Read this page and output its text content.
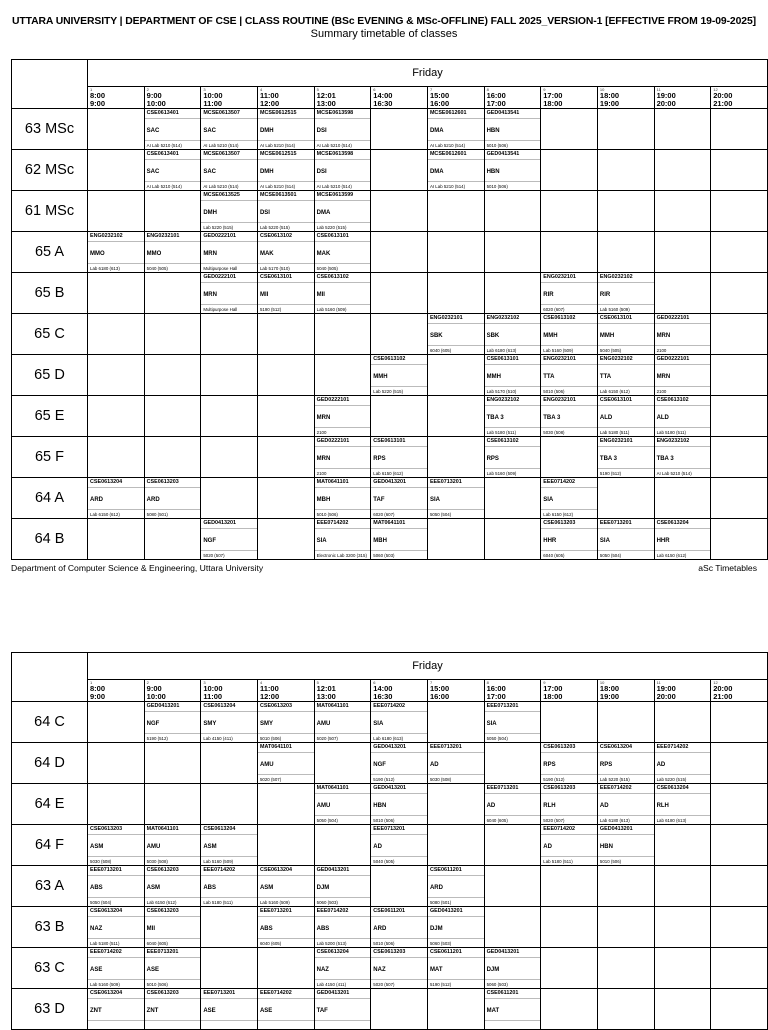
UTTARA UNIVERSITY | DEPARTMENT OF CSE | CLASS ROUTINE (BSc EVENING & MSc-OFFLINE) FALL 2025_VERSION-1 [EFFECTIVE FROM 19-09-2025]
Summary timetable of classes
	Friday											

	1
8:00
9:00	2
9:00
10:00	3
10:00
11:00	4
11:00
12:00	5
12:01
13:00	6
14:00
16:30	7
15:00
16:00	8
16:00
17:00	9
17:00
18:00	10
18:00
19:00	11
19:00
20:00	12
20:00
21:00

63 MSc		CSE0613401
SAC
AI Lab 5210 (514)	MCSE0613507
SAC
AI Lab 5210 (514)	MCSE0612515
DMH
AI Lab 5210 (514)	MCSE0613598
DSI
AI Lab 5210 (514)		MCSE0612601
DMA
AI Lab 5210 (514)	GED0413541
HBN
5010 (506)				

62 MSc		CSE0613401
SAC
AI Lab 5210 (514)	MCSE0613507
SAC
AI Lab 5210 (514)	MCSE0612515
DMH
AI Lab 5210 (514)	MCSE0613598
DSI
AI Lab 5210 (514)		MCSE0612601
DMA
AI Lab 5210 (514)	GED0413541
HBN
5010 (506)				

61 MSc			MCSE0613525
DMH
Lab 5220 (515)	MCSE0613501
DSI
Lab 5220 (515)	MCSE0613599
DMA
Lab 5220 (515)							

65 A	ENG0232102
MMO
Lab 6180 (613)	ENG0232101
MMO
5040 (505)	GED0222101
MRN
Multipurpose Hall	CSE0613102
MAK
Lab 5170 (510)	CSE0613101
MAK
5040 (505)							

65 B			GED0222101
MRN
Multipurpose Hall	CSE0613101
MII
5190 (512)	CSE0613102
MII
Lab 5160 (509)				ENG0232101
RIR
6020 (607)	ENG0232102
RIR
Lab 5160 (509)		

65 C							ENG0232101
SBK
6040 (605)	ENG0232102
SBK
Lab 6180 (613)	CSE0613102
MMH
Lab 5160 (509)	CSE0613101
MMH
5040 (505)	GED0222101
MRN
2100	

65 D						CSE0613102
MMH
Lab 5220 (515)		CSE0613101
MMH
Lab 5170 (510)	ENG0232101
TTA
5010 (506)	ENG0232102
TTA
Lab 6150 (612)	GED0222101
MRN
2100	

65 E					GED0222101
MRN
2100			ENG0232102
TBA 3
Lab 5180 (511)	ENG0232101
TBA 3
5030 (508)	CSE0613101
ALD
Lab 5180 (511)	CSE0613102
ALD
Lab 5180 (511)	

65 F					GED0222101
MRN
2100	CSE0613101
RPS
Lab 6150 (612)		CSE0613102
RPS
Lab 5160 (509)		ENG0232101
TBA 3
5190 (512)	ENG0232102
TBA 3
AI Lab 5210 (514)	

64 A	CSE0613204
ARD
Lab 6150 (612)	CSE0613203
ARD
5080 (501)			MAT0641101
MBH
5010 (506)	GED0413201
TAF
6020 (607)	EEE0713201
SIA
5050 (504)		EEE0714202
SIA
Lab 6150 (612)			

64 B			GED0413201
NGF
5020 (507)		EEE0714202
SIA
Electronic Lab 3200 (315)	MAT0641101
MBH
5060 (503)			CSE0613203
HHR
6040 (605)	EEE0713201
SIA
5050 (504)	CSE0613204
HHR
Lab 6150 (612)	

Department of Computer Science & Engineering, Uttara University	aSc Timetables
	Friday											

	1
8:00
9:00	2
9:00
10:00	3
10:00
11:00	4
11:00
12:00	5
12:01
13:00	6
14:00
16:30	7
15:00
16:00	8
16:00
17:00	9
17:00
18:00	10
18:00
19:00	11
19:00
20:00	12
20:00
21:00

64 C		GED0413201
NGF
5190 (512)	CSE0613204
SMY
Lab 4150 (411)	CSE0613203
SMY
5010 (506)	MAT0641101
AMU
5020 (507)	EEE0714202
SIA
Lab 6180 (613)		EEE0713201
SIA
5050 (504)				

64 D				MAT0641101
AMU
5020 (507)		GED0413201
NGF
5190 (512)	EEE0713201
AD
5030 (508)		CSE0613203
RPS
5190 (512)	CSE0613204
RPS
Lab 5220 (515)	EEE0714202
AD
Lab 5220 (515)	

64 E					MAT0641101
AMU
5050 (504)	GED0413201
HBN
5010 (506)		EEE0713201
AD
6040 (605)	CSE0613203
RLH
5020 (507)	EEE0714202
AD
Lab 6180 (613)	CSE0613204
RLH
Lab 6180 (613)	

64 F	CSE0613203
ASM
5030 (508)	MAT0641101
AMU
5030 (508)	CSE0613204
ASM
Lab 5160 (509)			EEE0713201
AD
5040 (505)			EEE0714202
AD
Lab 5180 (511)	GED0413201
HBN
5010 (506)		

63 A	EEE0713201
ABS
5050 (504)	CSE0613203
ASM
Lab 6150 (612)	EEE0714202
ABS
Lab 5180 (511)	CSE0613204
ASM
Lab 5160 (509)	GED0413201
DJM
5060 (503)		CSE0611201
ARD
5080 (501)					

63 B	CSE0613204
NAZ
Lab 5180 (511)	CSE0613203
MII
6040 (605)		EEE0713201
ABS
6040 (605)	EEE0714202
ABS
Lab 5200 (513)	CSE0611201
ARD
5010 (506)	GED0413201
DJM
5060 (503)					

63 C	EEE0714202
ASE
Lab 5160 (509)	EEE0713201
ASE
5010 (506)			CSE0613204
NAZ
Lab 4150 (411)	CSE0613203
NAZ
5020 (507)	CSE0611201
MAT
5190 (512)	GED0413201
DJM
5060 (503)				

63 D	CSE0613204
ZNT	CSE0613203
ZNT	EEE0713201
ASE	EEE0714202
ASE	GED0413201
TAF			CSE0611201
MAT				
